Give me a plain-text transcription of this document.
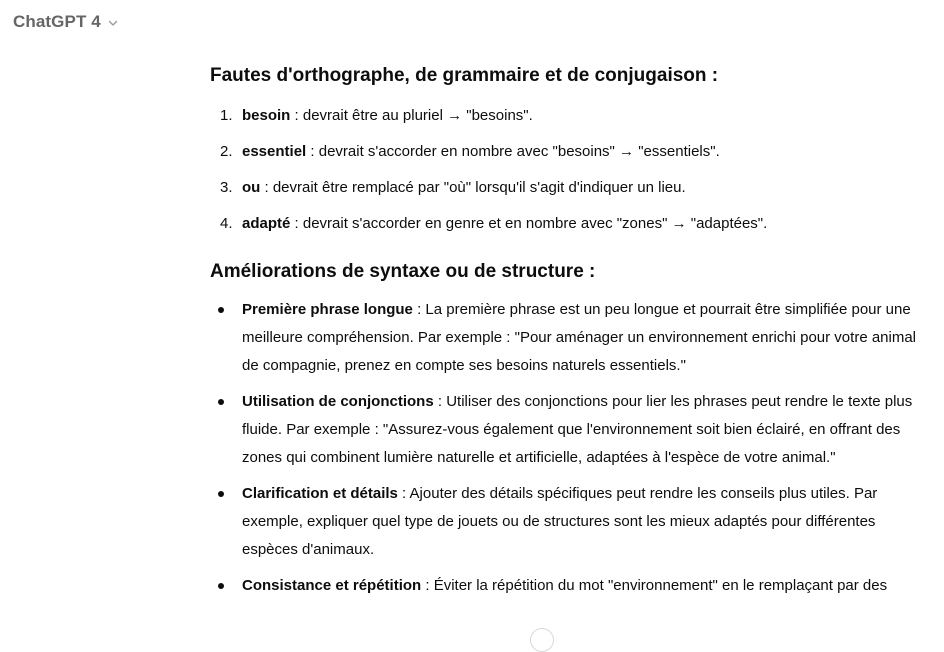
ChatGPT 4
Fautes d'orthographe, de grammaire et de conjugaison :
1. besoin : devrait être au pluriel → "besoins".
2. essentiel : devrait s'accorder en nombre avec "besoins" → "essentiels".
3. ou : devrait être remplacé par "où" lorsqu'il s'agit d'indiquer un lieu.
4. adapté : devrait s'accorder en genre et en nombre avec "zones" → "adaptées".
Améliorations de syntaxe ou de structure :
Première phrase longue : La première phrase est un peu longue et pourrait être simplifiée pour une meilleure compréhension. Par exemple : "Pour aménager un environnement enrichi pour votre animal de compagnie, prenez en compte ses besoins naturels essentiels."
Utilisation de conjonctions : Utiliser des conjonctions pour lier les phrases peut rendre le texte plus fluide. Par exemple : "Assurez-vous également que l'environnement soit bien éclairé, en offrant des zones qui combinent lumière naturelle et artificielle, adaptées à l'espèce de votre animal."
Clarification et détails : Ajouter des détails spécifiques peut rendre les conseils plus utiles. Par exemple, expliquer quel type de jouets ou de structures sont les mieux adaptés pour différentes espèces d'animaux.
Consistance et répétition : Éviter la répétition du mot "environnement" en le remplaçant par des
